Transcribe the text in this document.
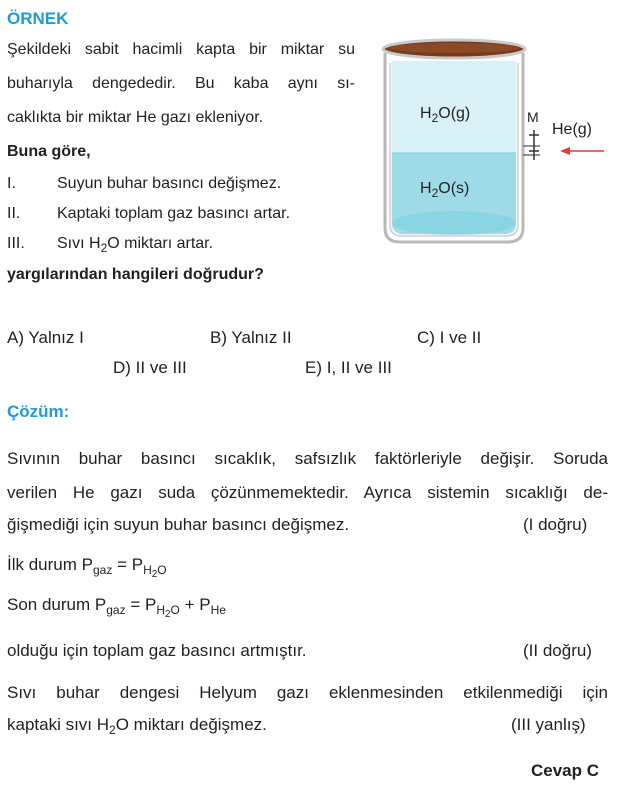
ÖRNEK
Şekildeki sabit hacimli kapta bir miktar su
buharıyla dengededir. Bu kaba aynı sı-
caklıkta bir miktar He gazı ekleniyor.
Buna göre,
I.	Suyun buhar basıncı değişmez.
II. Kaptaki toplam gaz basıncı artar.
III. Sıvı $H_2O$ miktarı artar.
yargılarından hangileri doğrudur?
$H_2O(g)$
$H_2O(s)$
M
He(g)
A) Yalnız I	B) Yalnız II	C) I ve II
D) II ve III	E) I, II ve III
Çözüm:
Sıvının buhar basıncı sıcaklık, safsızlık faktörleriyle değişir. Soruda
verilen He gazı suda çözünmemektedir. Ayrıca sistemin sıcaklığı de-
ğişmediği için suyun buhar basıncı değişmez.	(I doğru)
İlk durum $P_{gaz} = P_{H_2O}$
Son durum $P_{gaz} = P_{H_2O} + P_{He}$
olduğu için toplam gaz basıncı artmıştır.	(II doğru)
Sıvı buhar dengesi Helyum gazı eklenmesinden etkilenmediği için
kaptaki sıvı $H_2O$ miktarı değişmez.	(III yanlış)
Cevap C
